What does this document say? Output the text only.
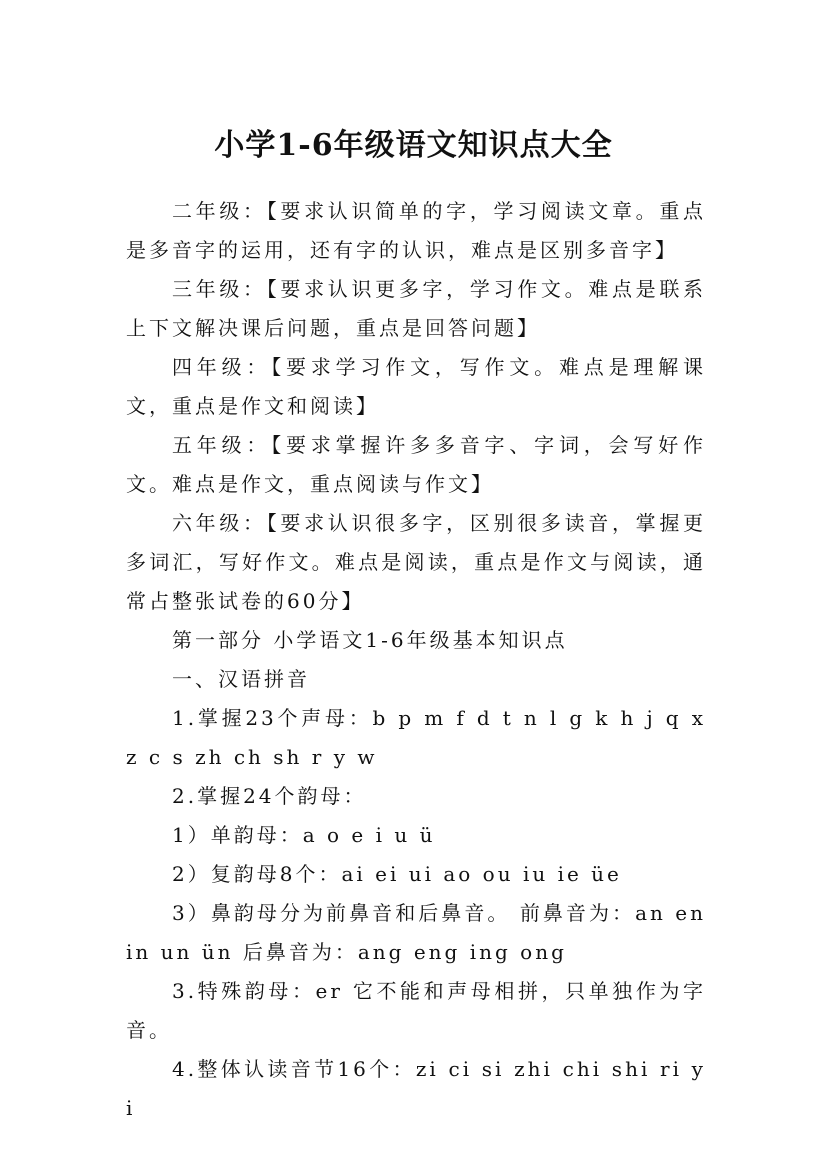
小学1-6年级语文知识点大全

二年级：【要求认识简单的字，学习阅读文章。重点是多音字的运用，还有字的认识，难点是区别多音字】

三年级：【要求认识更多字，学习作文。难点是联系上下文解决课后问题，重点是回答问题】

四年级：【要求学习作文，写作文。难点是理解课文，重点是作文和阅读】

五年级：【要求掌握许多多音字、字词，会写好作文。难点是作文，重点阅读与作文】

六年级：【要求认识很多字，区别很多读音，掌握更多词汇，写好作文。难点是阅读，重点是作文与阅读，通常占整张试卷的60分】

第一部分 小学语文1-6年级基本知识点

一、汉语拼音

1.掌握23个声母：b p m f d t n l g k h j q x z c s zh ch sh r y w

2.掌握24个韵母：

1）单韵母：a o e i u ü

2）复韵母8个：ai ei ui ao ou iu ie üe

3）鼻韵母分为前鼻音和后鼻音。 前鼻音为：an en in un ün 后鼻音为：ang eng ing ong

3.特殊韵母：er 它不能和声母相拼，只单独作为字音。

4.整体认读音节16个：zi ci si zhi chi shi ri yi
